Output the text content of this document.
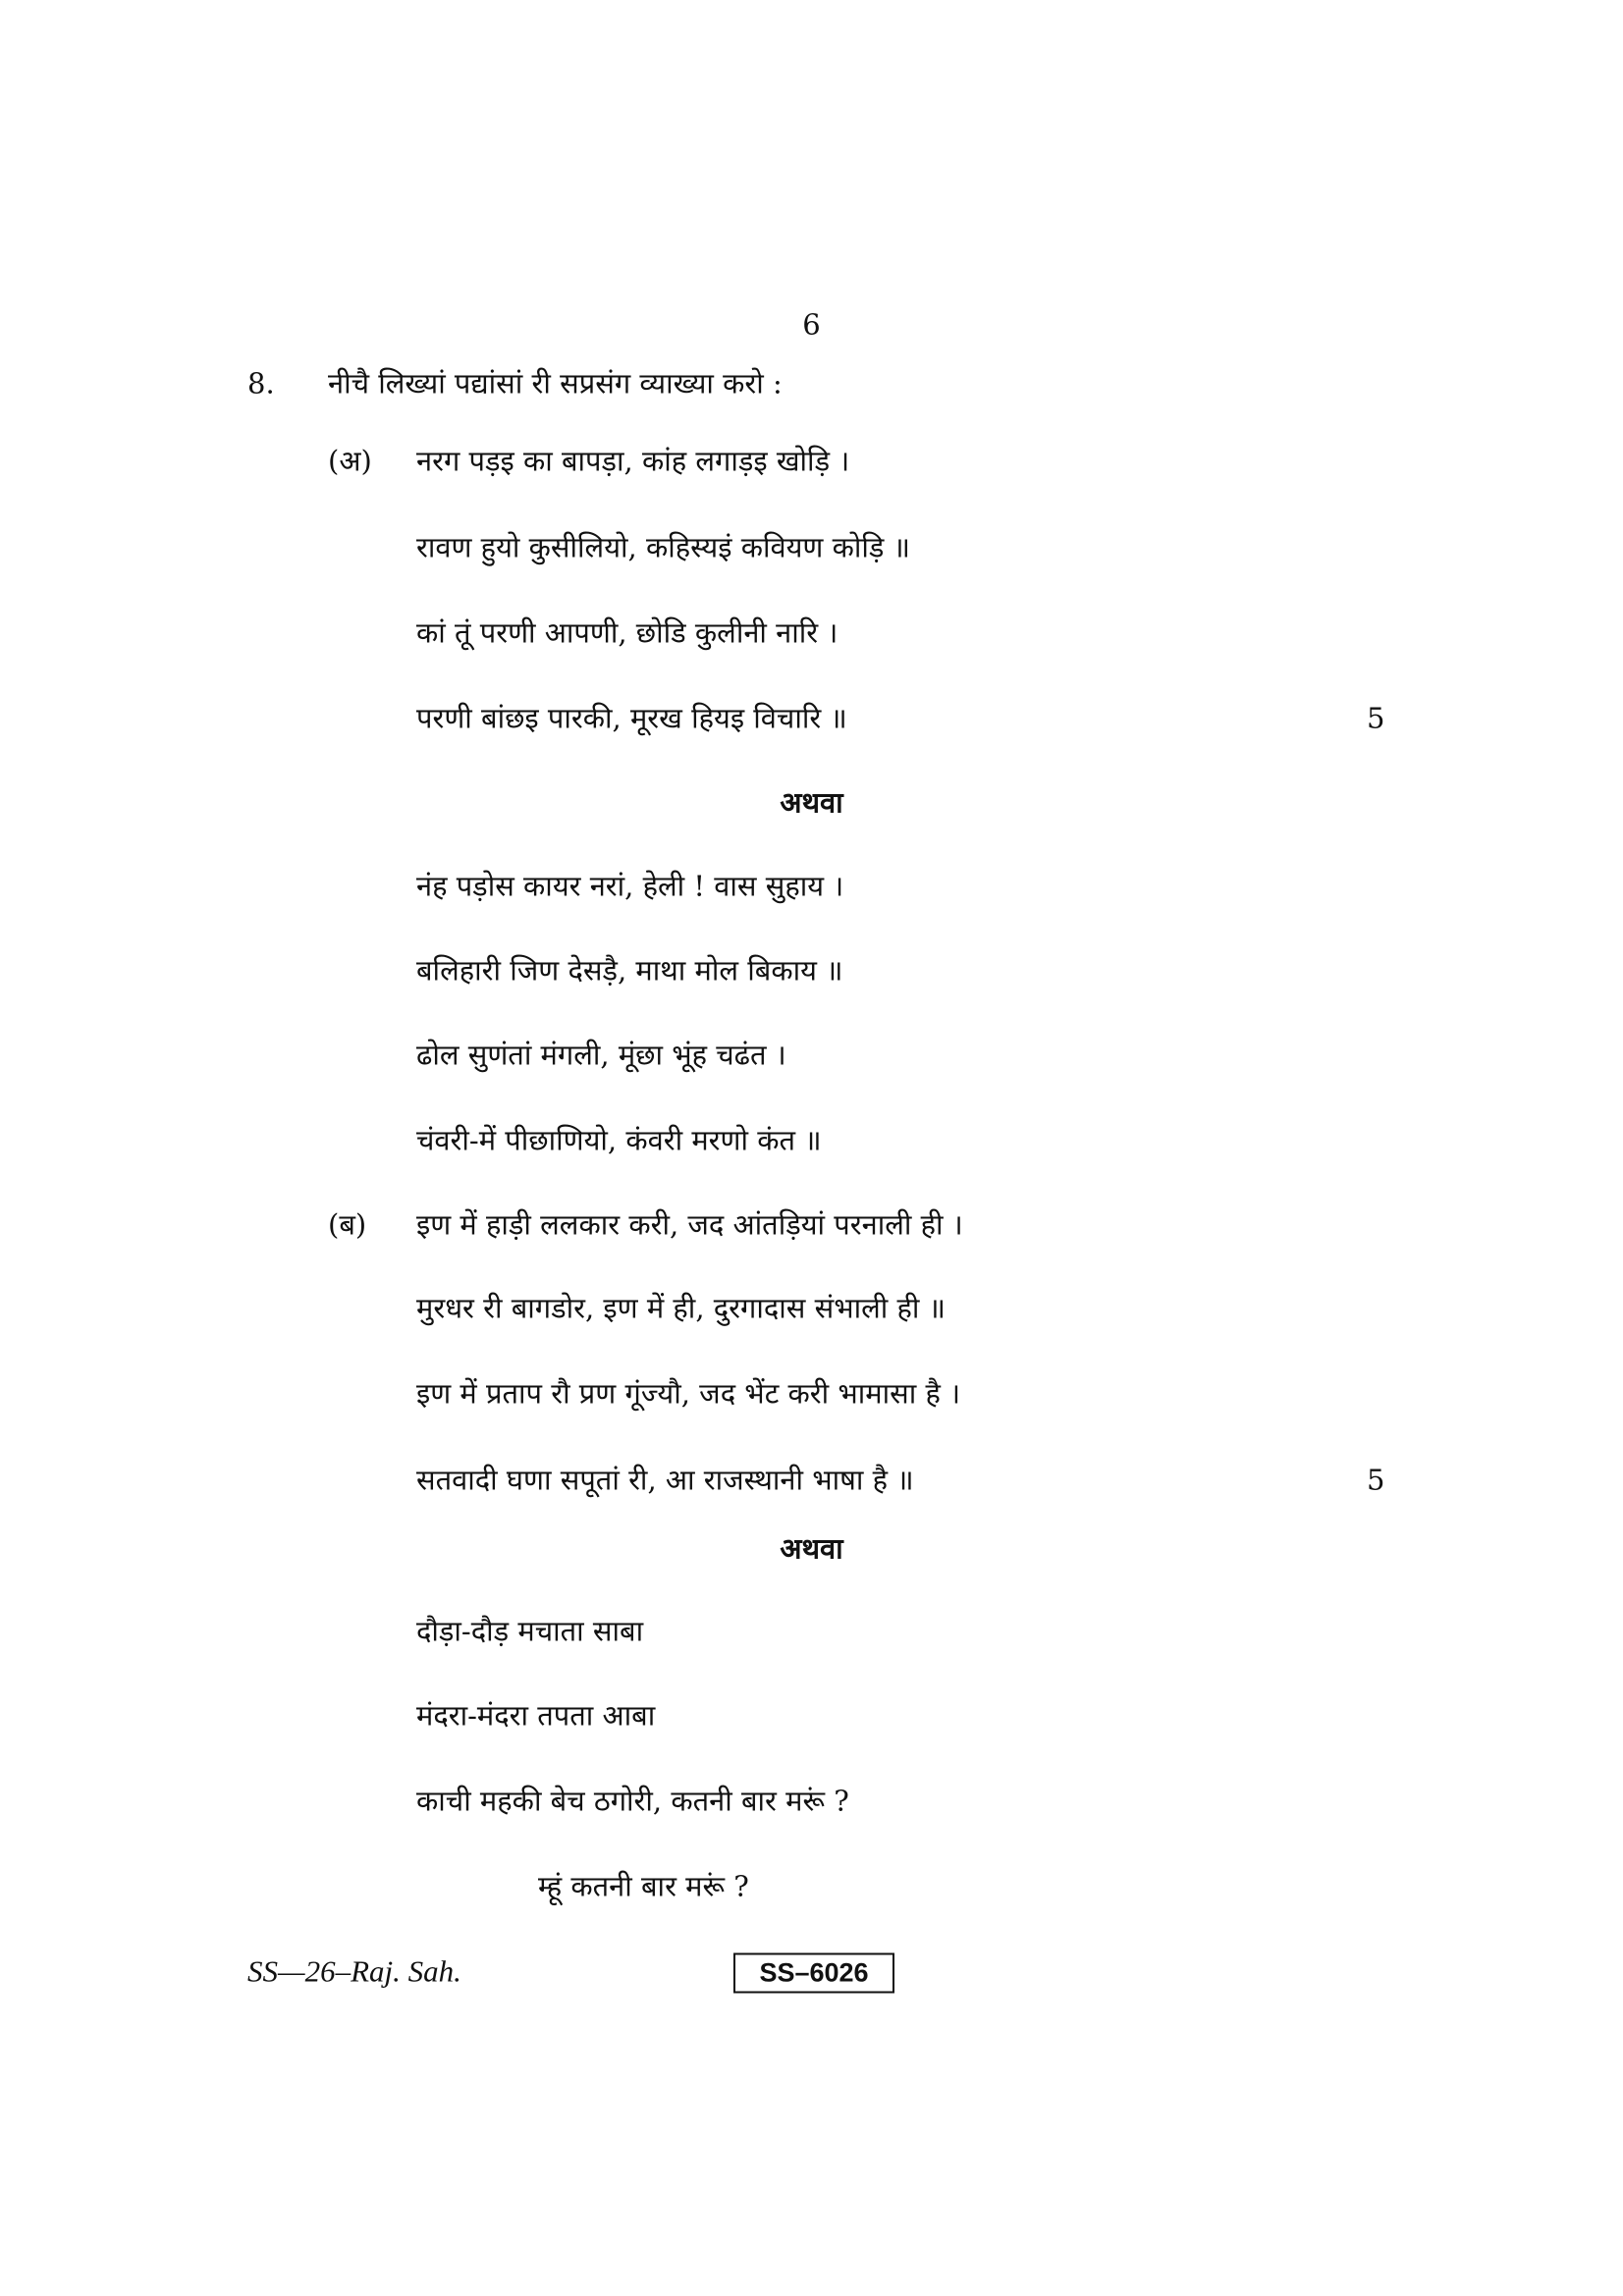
6
8. नीचै लिख्यां पद्यांसां री सप्रसंग व्याख्या करो :
(अ) नरग पड़इ का बापड़ा, कांह लगाड़इ खोड़ि ।
रावण हुयो कुसीलियो, कहिस्यइं कवियण कोड़ि ॥
कां तूं परणी आपणी, छोडि कुलीनी नारि ।
परणी बांछइ पारकी, मूरख हियइ विचारि ॥	5
अथवा
नंह पड़ोस कायर नरां, हेली ! वास सुहाय ।
बलिहारी जिण देसड़ै, माथा मोल बिकाय ॥
ढोल सुणंतां मंगली, मूंछा भूंह चढंत ।
चंवरी-में पीछाणियो, कंवरी मरणो कंत ॥
(ब) इण में हाड़ी ललकार करी, जद आंतड़ियां परनाली ही ।
मुरधर री बागडोर, इण में ही, दुरगादास संभाली ही ॥
इण में प्रताप रौ प्रण गूंज्यौ, जद भेंट करी भामासा है ।
सतवादी घणा सपूतां री, आ राजस्थानी भाषा है ॥	5
अथवा
दौड़ा-दौड़ मचाता साबा
मंदरा-मंदरा तपता आबा
काची महकी बेच ठगोरी, कतनी बार मरूं ?
म्हूं कतनी बार मरूं ?
SS—26–Raj. Sah.	SS–6026
